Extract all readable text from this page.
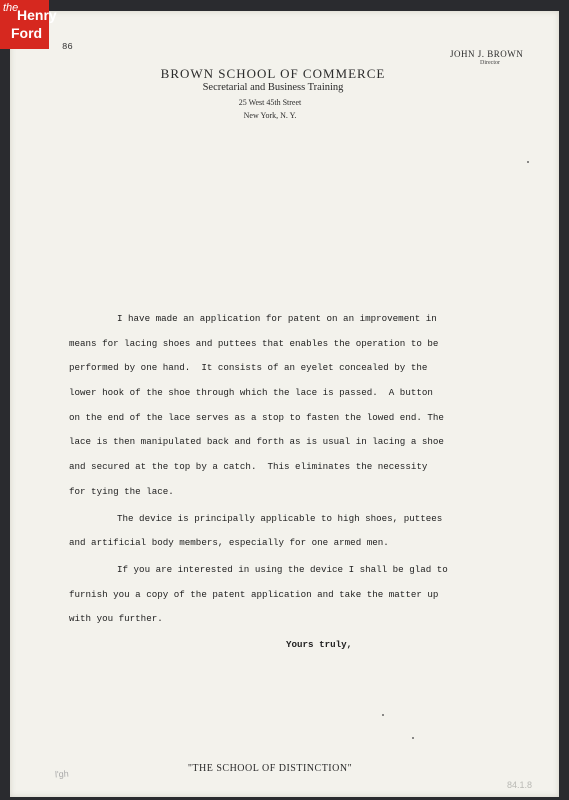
86
BROWN SCHOOL OF COMMERCE
Secretarial and Business Training
25 West 45th Street
New York, N. Y.
JOHN J. BROWN
Director
I have made an application for patent on an improvement in
means for lacing shoes and puttees that enables the operation to be
performed by one hand.  It consists of an eyelet concealed by the
lower hook of the shoe through which the lace is passed.  A button
on the end of the lace serves as a stop to fasten the lowed end. The
lace is then manipulated back and forth as is usual in lacing a shoe
and secured at the top by a catch.  This eliminates the necessity
for tying the lace.
The device is principally applicable to high shoes, puttees
and artificial body members, especially for one armed men.
If you are interested in using the device I shall be glad to
furnish you a copy of the patent application and take the matter up
with you further.
Yours truly,
"THE SCHOOL OF DISTINCTION"
l'gh
84.1.8
the
Henry
Ford
